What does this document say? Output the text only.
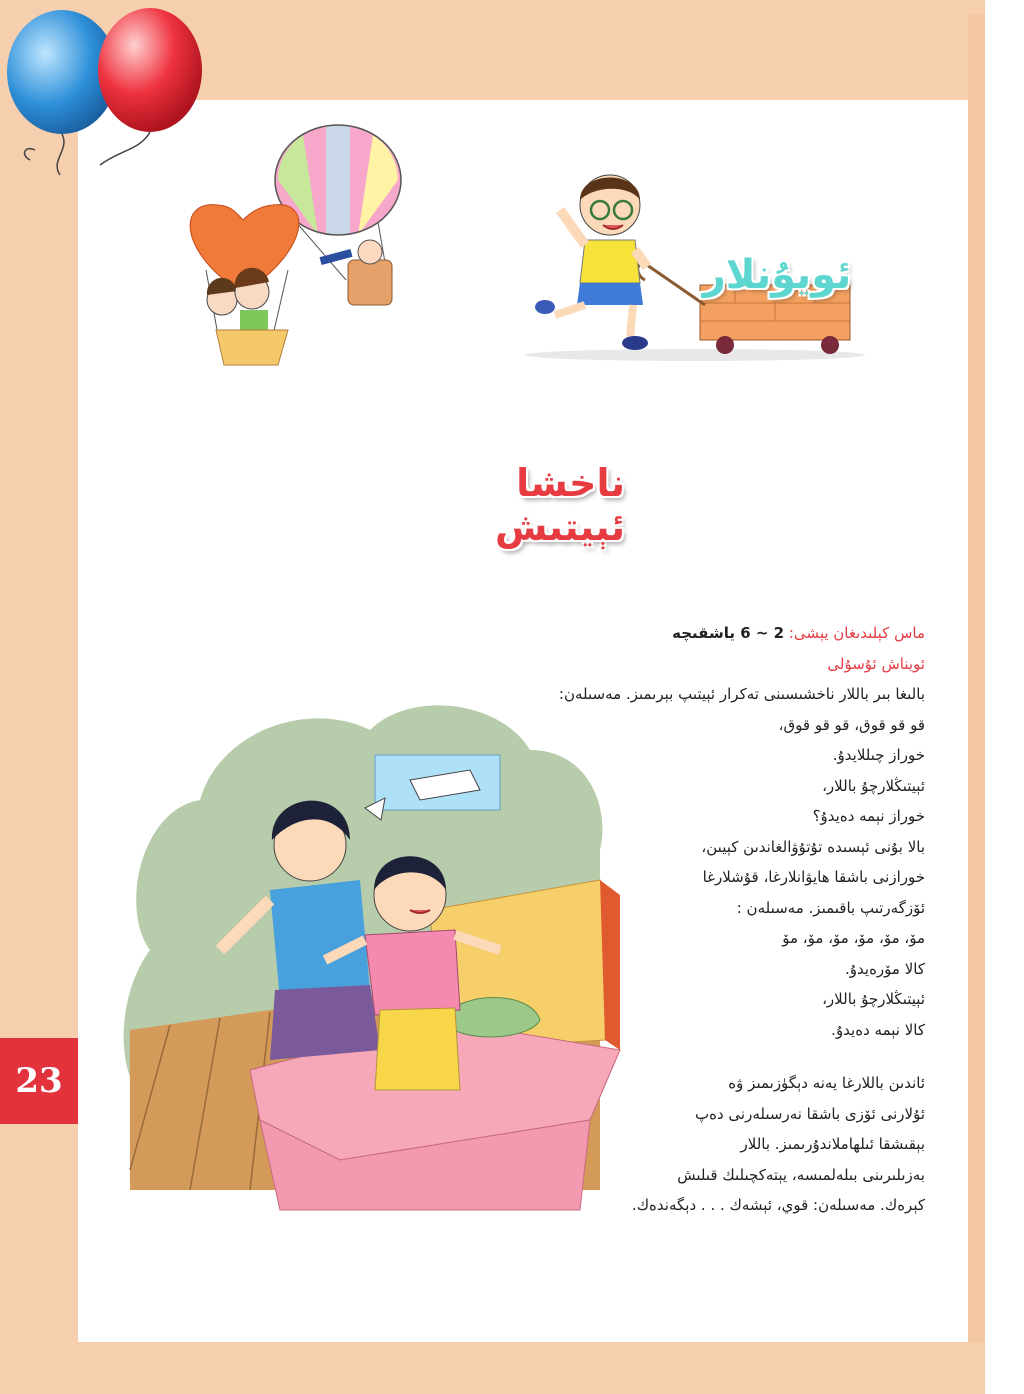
ئويۇنلار
ناخشا ئېيتىش
ماس كېلىدىغان يېشى: 2 ~ 6 ياشقىچە
ئويناش ئۇسۇلى
بالىغا بىر باللار ناخشىسىنى تەكرار ئېيتىپ بېرىمىز. مەسىلەن:
قو قو قوق، قو قو قوق،
خوراز چىللايدۇ.
ئېيتىڭلارچۇ باللار،
خوراز نېمە دەيدۇ؟
بالا بۇنى ئېسىدە تۇتۇۋالغاندىن كېيىن،
خورازنى باشقا ھايۋانلارغا، قۇشلارغا
ئۆزگەرتىپ باقىمىز. مەسىلەن :
مۆ، مۆ، مۆ، مۆ، مۆ، مۆ
كالا مۆرەيدۇ.
ئېيتىڭلارچۇ باللار،
كالا نېمە دەيدۇ.
ئاندىن باللارغا يەنە دېگۈزىمىز ۋە
ئۇلارنى ئۆزى باشقا نەرسىلەرنى دەپ
بېقىشقا ئىلھاملاندۇرىمىز. باللار
بەزىلىرىنى بىلەلمىسە، يېتەكچىلىك قىلىش
كېرەك. مەسىلەن: قوي، ئېشەك . . . دېگەندەك.
23
